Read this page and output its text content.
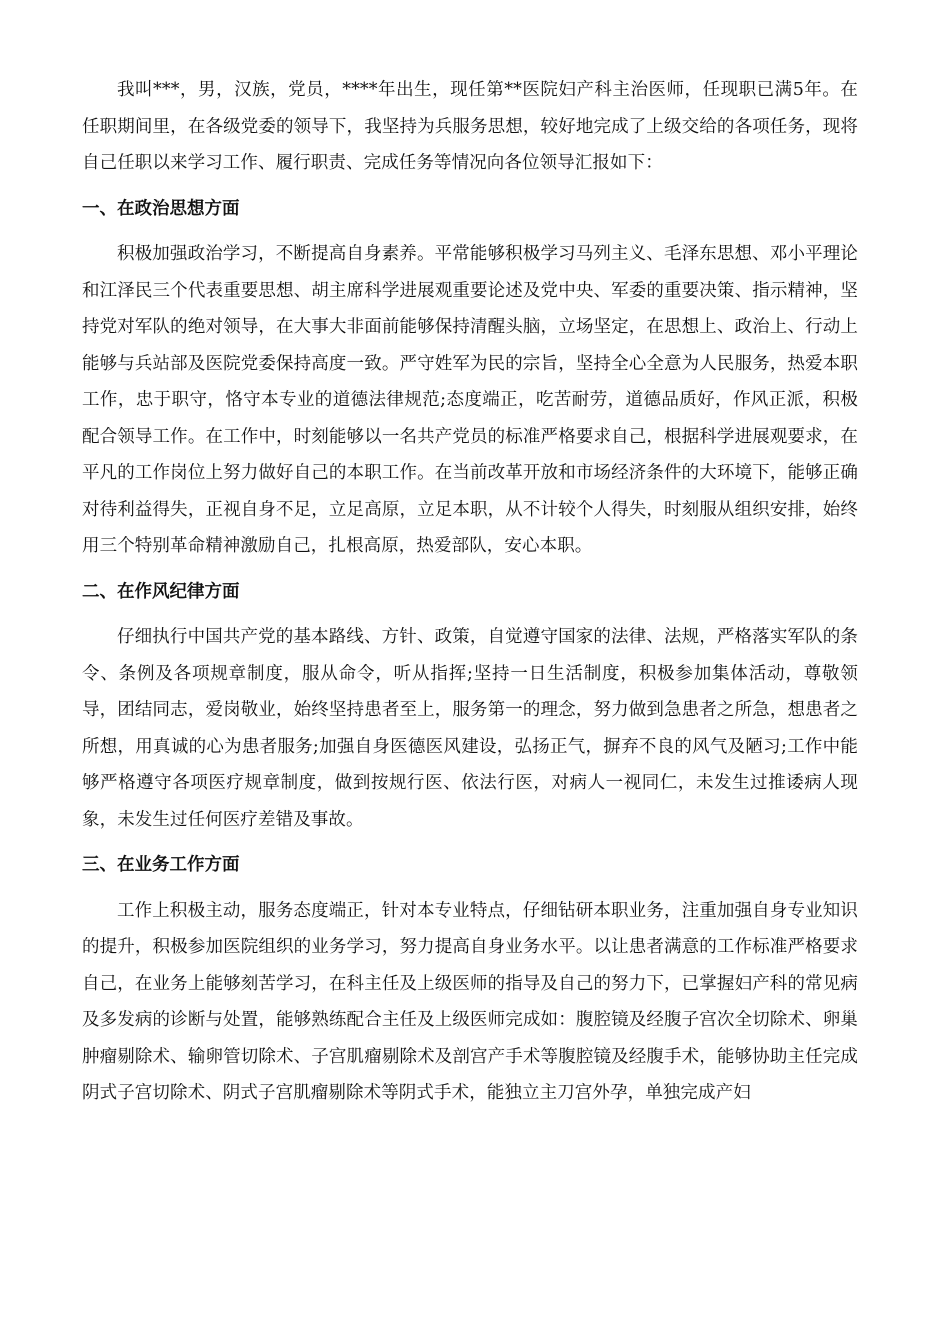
我叫***，男，汉族，党员，****年出生，现任第**医院妇产科主治医师，任现职已满5年。在任职期间里，在各级党委的领导下，我坚持为兵服务思想，较好地完成了上级交给的各项任务，现将自己任职以来学习工作、履行职责、完成任务等情况向各位领导汇报如下：

一、在政治思想方面

积极加强政治学习，不断提高自身素养。平常能够积极学习马列主义、毛泽东思想、邓小平理论和江泽民三个代表重要思想、胡主席科学进展观重要论述及党中央、军委的重要决策、指示精神，坚持党对军队的绝对领导，在大事大非面前能够保持清醒头脑，立场坚定，在思想上、政治上、行动上能够与兵站部及医院党委保持高度一致。严守姓军为民的宗旨，坚持全心全意为人民服务，热爱本职工作，忠于职守，恪守本专业的道德法律规范;态度端正，吃苦耐劳，道德品质好，作风正派，积极配合领导工作。在工作中，时刻能够以一名共产党员的标准严格要求自己，根据科学进展观要求，在平凡的工作岗位上努力做好自己的本职工作。在当前改革开放和市场经济条件的大环境下，能够正确对待利益得失，正视自身不足，立足高原，立足本职，从不计较个人得失，时刻服从组织安排，始终用三个特别革命精神激励自己，扎根高原，热爱部队，安心本职。

二、在作风纪律方面

仔细执行中国共产党的基本路线、方针、政策，自觉遵守国家的法律、法规，严格落实军队的条令、条例及各项规章制度，服从命令，听从指挥;坚持一日生活制度，积极参加集体活动，尊敬领导，团结同志，爱岗敬业，始终坚持患者至上，服务第一的理念，努力做到急患者之所急，想患者之所想，用真诚的心为患者服务;加强自身医德医风建设，弘扬正气，摒弃不良的风气及陋习;工作中能够严格遵守各项医疗规章制度，做到按规行医、依法行医，对病人一视同仁，未发生过推诿病人现象，未发生过任何医疗差错及事故。

三、在业务工作方面

工作上积极主动，服务态度端正，针对本专业特点，仔细钻研本职业务，注重加强自身专业知识的提升，积极参加医院组织的业务学习，努力提高自身业务水平。以让患者满意的工作标准严格要求自己，在业务上能够刻苦学习，在科主任及上级医师的指导及自己的努力下，已掌握妇产科的常见病及多发病的诊断与处置，能够熟练配合主任及上级医师完成如：腹腔镜及经腹子宫次全切除术、卵巢肿瘤剔除术、输卵管切除术、子宫肌瘤剔除术及剖宫产手术等腹腔镜及经腹手术，能够协助主任完成阴式子宫切除术、阴式子宫肌瘤剔除术等阴式手术，能独立主刀宫外孕，单独完成产妇
